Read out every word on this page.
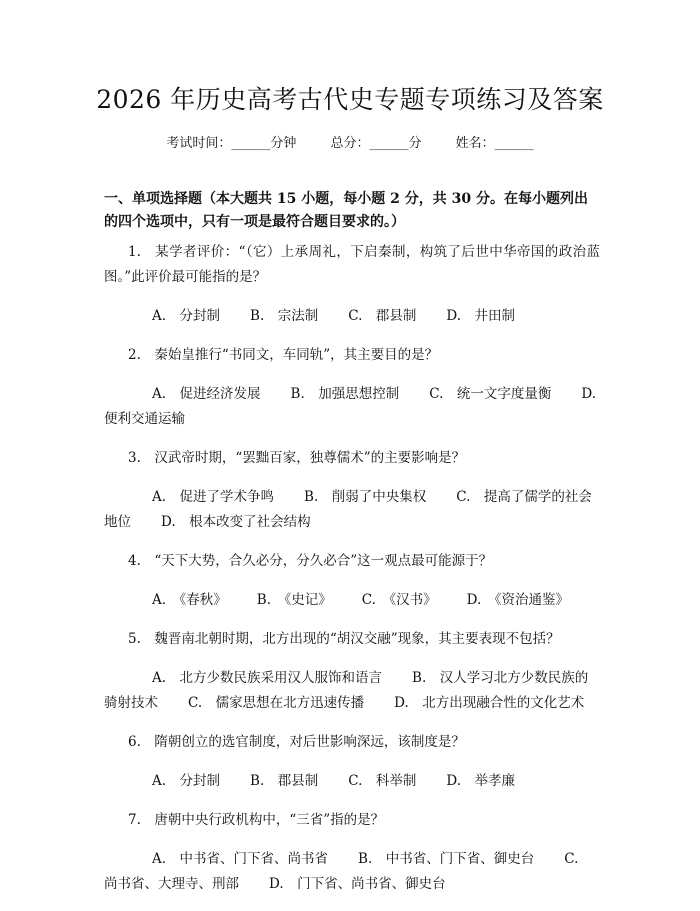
2026 年历史高考古代史专题专项练习及答案
考试时间：______分钟	总分：______分	姓名：______
一、单项选择题（本大题共 15 小题，每小题 2 分，共 30 分。在每小题列出的四个选项中，只有一项是最符合题目要求的。）

1.　某学者评价：“（它）上承周礼，下启秦制，构筑了后世中华帝国的政治蓝图。”此评价最可能指的是？

A.　分封制 B.　宗法制 C.　郡县制 D.　井田制

2.　秦始皇推行“书同文，车同轨”，其主要目的是？

A.　促进经济发展 B.　加强思想控制 C.　统一文字度量衡 D.　便利交通运输

3.　汉武帝时期，“罢黜百家，独尊儒术”的主要影响是？

A.　促进了学术争鸣 B.　削弱了中央集权 C.　提高了儒学的社会地位 D.　根本改变了社会结构

4.　“天下大势，合久必分，分久必合”这一观点最可能源于？

A.　《春秋》 B.　《史记》 C.　《汉书》 D.　《资治通鉴》

5.　魏晋南北朝时期，北方出现的“胡汉交融”现象，其主要表现不包括？

A.　北方少数民族采用汉人服饰和语言 B.　汉人学习北方少数民族的骑射技术 C.　儒家思想在北方迅速传播 D.　北方出现融合性的文化艺术

6.　隋朝创立的选官制度，对后世影响深远，该制度是？

A.　分封制 B.　郡县制 C.　科举制 D.　举孝廉

7.　唐朝中央行政机构中，“三省”指的是？

A.　中书省、门下省、尚书省 B.　中书省、门下省、御史台 C.　尚书省、大理寺、刑部 D.　门下省、尚书省、御史台
